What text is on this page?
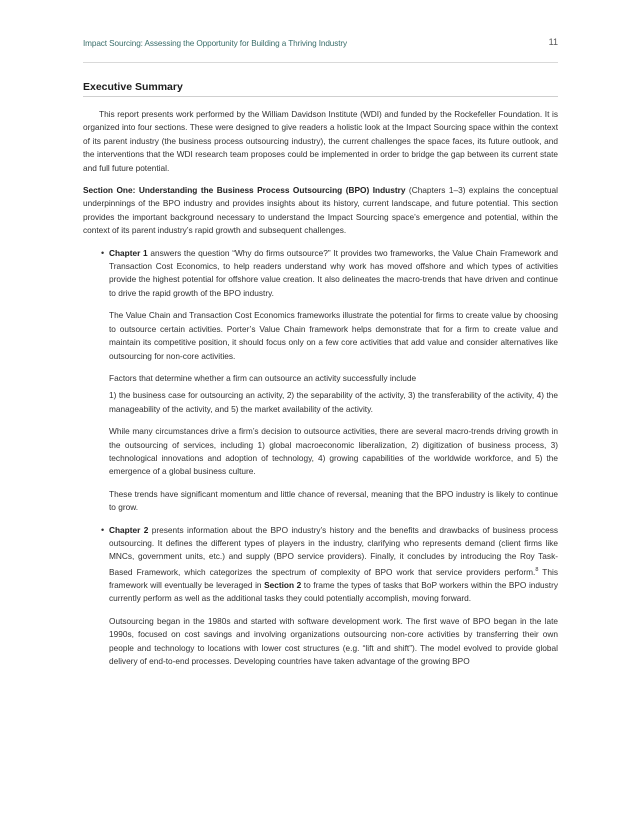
Impact Sourcing: Assessing the Opportunity for Building a Thriving Industry	11
Executive Summary

This report presents work performed by the William Davidson Institute (WDI) and funded by the Rockefeller Foundation. It is organized into four sections. These were designed to give readers a holistic look at the Impact Sourcing space within the context of its parent industry (the business process outsourcing industry), the current challenges the space faces, its future outlook, and the interventions that the WDI research team proposes could be implemented in order to bridge the gap between its current state and full future potential.

Section One: Understanding the Business Process Outsourcing (BPO) Industry (Chapters 1–3) explains the conceptual underpinnings of the BPO industry and provides insights about its history, current landscape, and future potential. This section provides the important background necessary to understand the Impact Sourcing space’s emergence and potential, within the context of its parent industry’s rapid growth and subsequent challenges.

• Chapter 1 answers the question “Why do firms outsource?” It provides two frameworks, the Value Chain Framework and Transaction Cost Economics, to help readers understand why work has moved offshore and which types of activities provide the highest potential for offshore value creation. It also delineates the macro-trends that have driven and continue to drive the rapid growth of the BPO industry.

The Value Chain and Transaction Cost Economics frameworks illustrate the potential for firms to create value by choosing to outsource certain activities. Porter’s Value Chain framework helps demonstrate that for a firm to create value and maintain its competitive position, it should focus only on a few core activities that add value and consider alternatives like outsourcing for non-core activities.

Factors that determine whether a firm can outsource an activity successfully include

1) the business case for outsourcing an activity, 2) the separability of the activity, 3) the transferability of the activity, 4) the manageability of the activity, and 5) the market availability of the activity.

While many circumstances drive a firm’s decision to outsource activities, there are several macro-trends driving growth in the outsourcing of services, including 1) global macroeconomic liberalization, 2) digitization of business process, 3) technological innovations and adoption of technology, 4) growing capabilities of the worldwide workforce, and 5) the emergence of a global business culture.

These trends have significant momentum and little chance of reversal, meaning that the BPO industry is likely to continue to grow.

• Chapter 2 presents information about the BPO industry’s history and the benefits and drawbacks of business process outsourcing. It defines the different types of players in the industry, clarifying who represents demand (client firms like MNCs, government units, etc.) and supply (BPO service providers). Finally, it concludes by introducing the Roy Task-Based Framework, which categorizes the spectrum of complexity of BPO work that service providers perform.$^8$ This framework will eventually be leveraged in Section 2 to frame the types of tasks that BoP workers within the BPO industry currently perform as well as the additional tasks they could potentially accomplish, moving forward.

Outsourcing began in the 1980s and started with software development work. The first wave of BPO began in the late 1990s, focused on cost savings and involving organizations outsourcing non-core activities by transferring their own people and technology to locations with lower cost structures (e.g. “lift and shift”). The model evolved to provide global delivery of end-to-end processes. Developing countries have taken advantage of the growing BPO
